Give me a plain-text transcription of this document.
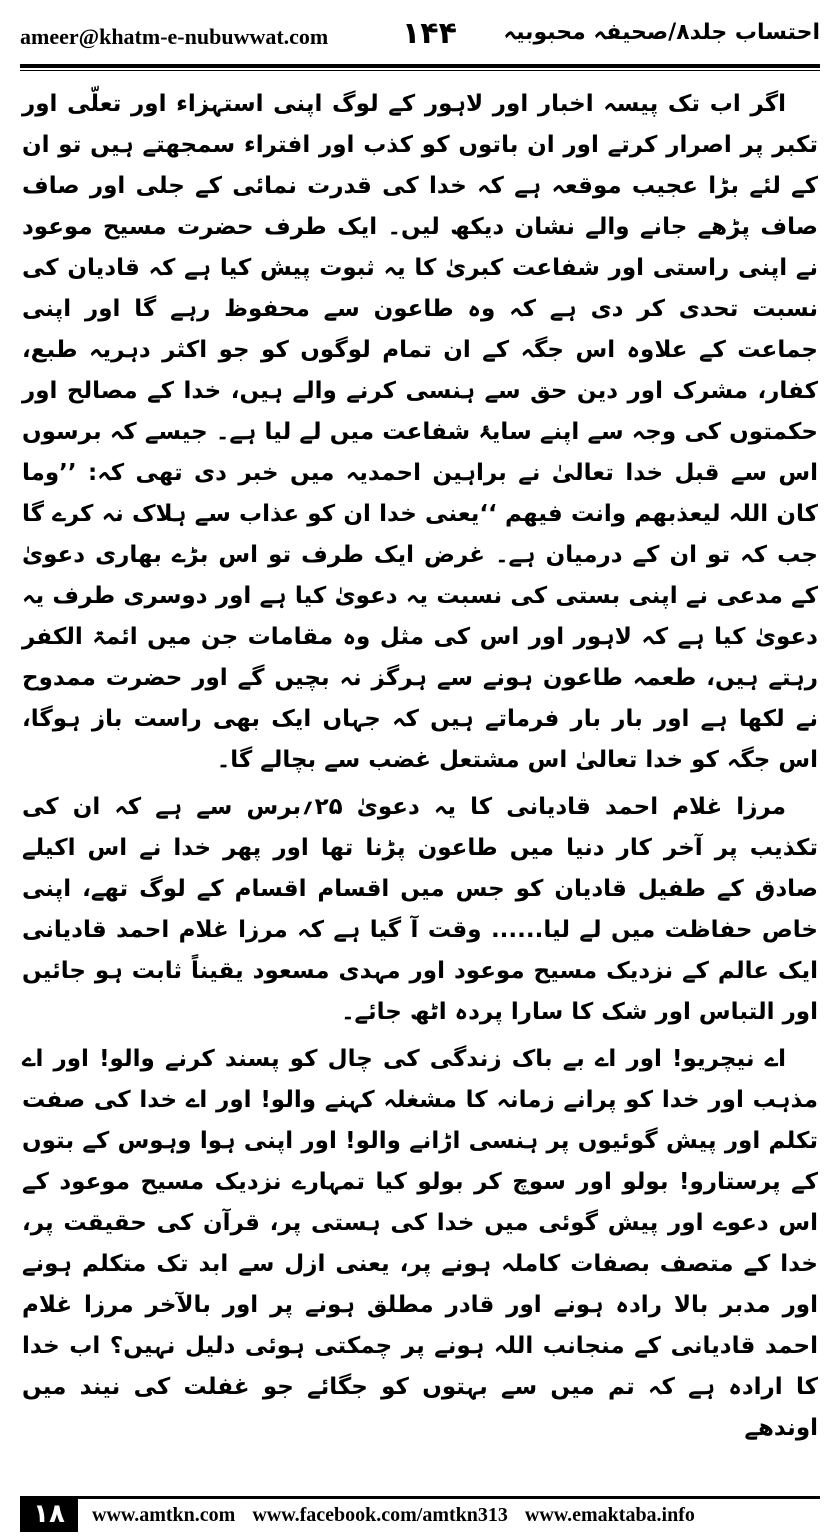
ameer@khatm-e-nubuwwat.com ۱۴۴ احتساب جلد۸/صحیفہ محبوبیہ

اگر اب تک پیسہ اخبار اور لاہور کے لوگ اپنی استہزاء اور تعلّی اور تکبر پر اصرار کرتے اور ان باتوں کو کذب اور افتراء سمجھتے ہیں تو ان کے لئے بڑا عجیب موقعہ ہے کہ خدا کی قدرت نمائی کے جلی اور صاف صاف پڑھے جانے والے نشان دیکھ لیں۔ ایک طرف حضرت مسیح موعود نے اپنی راستی اور شفاعت کبریٰ کا یہ ثبوت پیش کیا ہے کہ قادیان کی نسبت تحدی کر دی ہے کہ وہ طاعون سے محفوظ رہے گا اور اپنی جماعت کے علاوہ اس جگہ کے ان تمام لوگوں کو جو اکثر دہریہ طبع، کفار، مشرک اور دین حق سے ہنسی کرنے والے ہیں، خدا کے مصالح اور حکمتوں کی وجہ سے اپنے سایۂ شفاعت میں لے لیا ہے۔ جیسے کہ برسوں اس سے قبل خدا تعالیٰ نے براہین احمدیہ میں خبر دی تھی کہ: ’’وما کان اللہ لیعذبھم وانت فیھم ‘‘یعنی خدا ان کو عذاب سے ہلاک نہ کرے گا جب کہ تو ان کے درمیان ہے۔ غرض ایک طرف تو اس بڑے بھاری دعویٰ کے مدعی نے اپنی بستی کی نسبت یہ دعویٰ کیا ہے اور دوسری طرف یہ دعویٰ کیا ہے کہ لاہور اور اس کی مثل وہ مقامات جن میں ائمۃ الکفر رہتے ہیں، طعمہ طاعون ہونے سے ہرگز نہ بچیں گے اور حضرت ممدوح نے لکھا ہے اور بار بار فرماتے ہیں کہ جہاں ایک بھی راست باز ہوگا، اس جگہ کو خدا تعالیٰ اس مشتعل غضب سے بچالے گا۔

مرزا غلام احمد قادیانی کا یہ دعویٰ ۲۵؍برس سے ہے کہ ان کی تکذیب پر آخر کار دنیا میں طاعون پڑنا تھا اور پھر خدا نے اس اکیلے صادق کے طفیل قادیان کو جس میں اقسام اقسام کے لوگ تھے، اپنی خاص حفاظت میں لے لیا...... وقت آ گیا ہے کہ مرزا غلام احمد قادیانی ایک عالم کے نزدیک مسیح موعود اور مہدی مسعود یقیناً ثابت ہو جائیں اور التباس اور شک کا سارا پردہ اٹھ جائے۔

اے نیچریو! اور اے بے باک زندگی کی چال کو پسند کرنے والو! اور اے مذہب اور خدا کو پرانے زمانہ کا مشغلہ کہنے والو! اور اے خدا کی صفت تکلم اور پیش گوئیوں پر ہنسی اڑانے والو! اور اپنی ہوا وہوس کے بتوں کے پرستارو! بولو اور سوچ کر بولو کیا تمہارے نزدیک مسیح موعود کے اس دعوے اور پیش گوئی میں خدا کی ہستی پر، قرآن کی حقیقت پر، خدا کے متصف بصفات کاملہ ہونے پر، یعنی ازل سے ابد تک متکلم ہونے اور مدبر بالا رادہ ہونے اور قادر مطلق ہونے پر اور بالآخر مرزا غلام احمد قادیانی کے منجانب اللہ ہونے پر چمکتی ہوئی دلیل نہیں؟ اب خدا کا ارادہ ہے کہ تم میں سے بہتوں کو جگائے جو غفلت کی نیند میں اوندھے

۱۸	www.amtkn.com www.facebook.com/amtkn313 www.emaktaba.info
